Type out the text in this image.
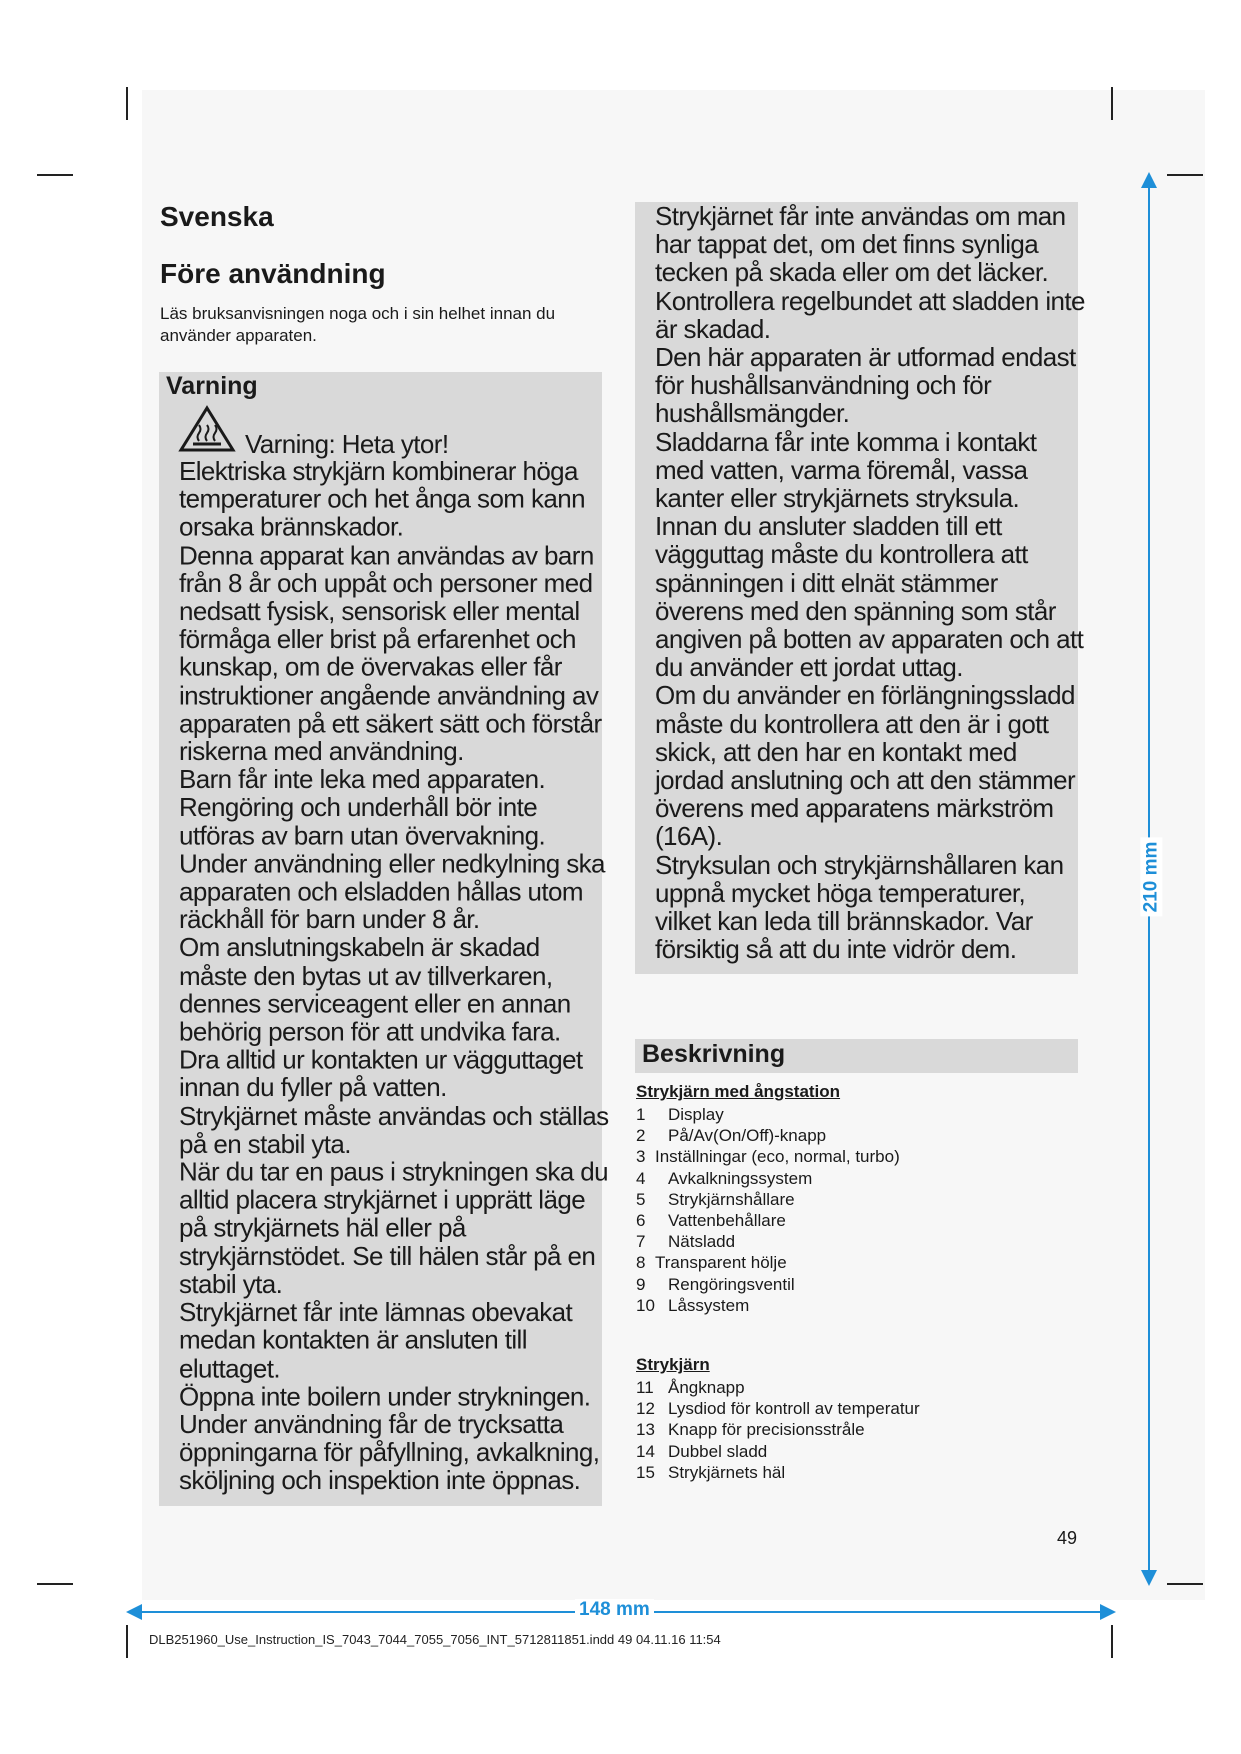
Svenska
Före användning
Läs bruksanvisningen noga och i sin helhet innan du använder apparaten.
Varning
Varning: Heta ytor!

Elektriska strykjärn kombinerar höga temperaturer och het ånga som kann orsaka brännskador.

Denna apparat kan användas av barn från 8 år och uppåt och personer med nedsatt fysisk, sensorisk eller mental förmåga eller brist på erfarenhet och kunskap, om de övervakas eller får instruktioner angående användning av apparaten på ett säkert sätt och förstår riskerna med användning.

Barn får inte leka med apparaten.

Rengöring och underhåll bör inte utföras av barn utan övervakning.

Under användning eller nedkylning ska apparaten och elsladden hållas utom räckhåll för barn under 8 år.

Om anslutningskabeln är skadad måste den bytas ut av tillverkaren, dennes serviceagent eller en annan behörig person för att undvika fara.

Dra alltid ur kontakten ur vägguttaget innan du fyller på vatten.

Strykjärnet måste användas och ställas på en stabil yta.

När du tar en paus i strykningen ska du alltid placera strykjärnet i upprätt läge på strykjärnets häl eller på strykjärnstödet. Se till hälen står på en stabil yta.

Strykjärnet får inte lämnas obevakat medan kontakten är ansluten till eluttaget.

Öppna inte boilern under strykningen.

Under användning får de trycksatta öppningarna för påfyllning, avkalkning, sköljning och inspektion inte öppnas.

Strykjärnet får inte användas om man har tappat det, om det finns synliga tecken på skada eller om det läcker. Kontrollera regelbundet att sladden inte är skadad.

Den här apparaten är utformad endast för hushållsanvändning och för hushållsmängder.

Sladdarna får inte komma i kontakt med vatten, varma föremål, vassa kanter eller strykjärnets stryksula.

Innan du ansluter sladden till ett vägguttag måste du kontrollera att spänningen i ditt elnät stämmer överens med den spänning som står angiven på botten av apparaten och att du använder ett jordat uttag.

Om du använder en förlängningssladd måste du kontrollera att den är i gott skick, att den har en kontakt med jordad anslutning och att den stämmer överens med apparatens märkström (16A).

Stryksulan och strykjärnshållaren kan uppnå mycket höga temperaturer, vilket kan leda till brännskador. Var försiktig så att du inte vidrör dem.

Beskrivning
Strykjärn med ångstation
1	Display
2	På/Av(On/Off)-knapp
3 Inställningar (eco, normal, turbo)
4	Avkalkningssystem
5	Strykjärnshållare
6	Vattenbehållare
7	Nätsladd
8 Transparent hölje
9	Rengöringsventil
10 Låssystem
Strykjärn
11 Ångknapp
12 Lysdiod för kontroll av temperatur
13 Knapp för precisionsstråle
14 Dubbel sladd
15 Strykjärnets häl
49
210 mm
148 mm
DLB251960_Use_Instruction_IS_7043_7044_7055_7056_INT_5712811851.indd 49 04.11.16 11:54
